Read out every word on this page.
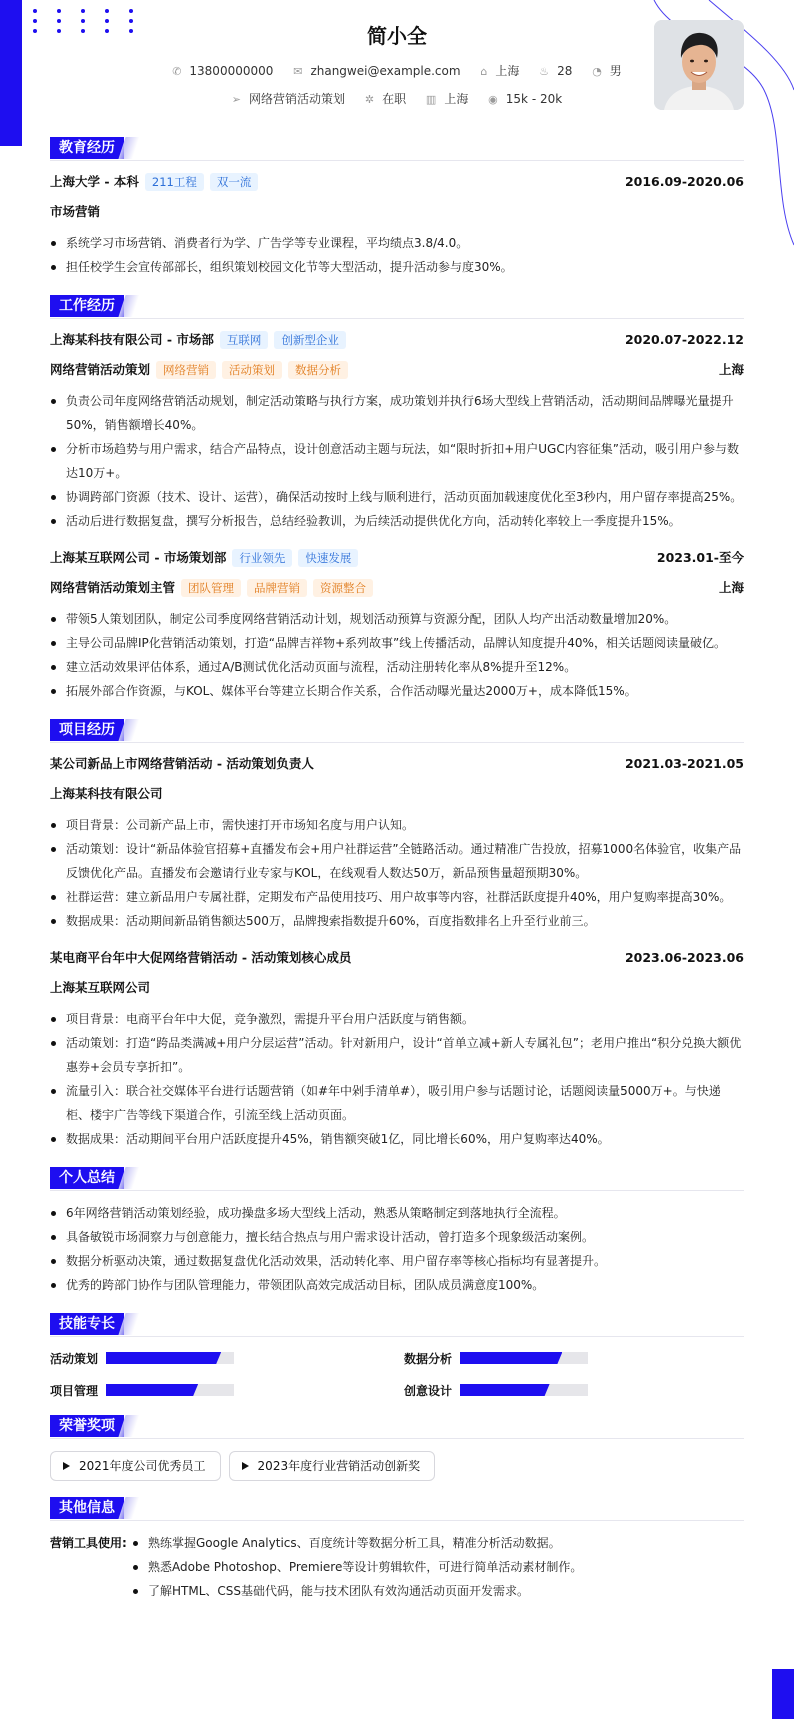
简小全
✆ 13800000000 ✉ zhangwei@example.com ⌂ 上海 ♨ 28 ◔ 男
➢ 网络营销活动策划 ✲ 在职 ▥ 上海 ◉ 15k - 20k
教育经历
上海大学 - 本科 211工程 双一流	2016.09-2020.06
市场营销
系统学习市场营销、消费者行为学、广告学等专业课程，平均绩点3.8/4.0。
担任校学生会宣传部部长，组织策划校园文化节等大型活动，提升活动参与度30%。
工作经历
上海某科技有限公司 - 市场部 互联网 创新型企业	2020.07-2022.12
网络营销活动策划 网络营销 活动策划 数据分析	上海
负责公司年度网络营销活动规划，制定活动策略与执行方案，成功策划并执行6场大型线上营销活动，活动期间品牌曝光量提升50%，销售额增长40%。
分析市场趋势与用户需求，结合产品特点，设计创意活动主题与玩法，如“限时折扣+用户UGC内容征集”活动，吸引用户参与数达10万+。
协调跨部门资源（技术、设计、运营），确保活动按时上线与顺利进行，活动页面加载速度优化至3秒内，用户留存率提高25%。
活动后进行数据复盘，撰写分析报告，总结经验教训，为后续活动提供优化方向，活动转化率较上一季度提升15%。
上海某互联网公司 - 市场策划部 行业领先 快速发展	2023.01-至今
网络营销活动策划主管 团队管理 品牌营销 资源整合	上海
带领5人策划团队，制定公司季度网络营销活动计划，规划活动预算与资源分配，团队人均产出活动数量增加20%。
主导公司品牌IP化营销活动策划，打造“品牌吉祥物+系列故事”线上传播活动，品牌认知度提升40%，相关话题阅读量破亿。
建立活动效果评估体系，通过A/B测试优化活动页面与流程，活动注册转化率从8%提升至12%。
拓展外部合作资源，与KOL、媒体平台等建立长期合作关系，合作活动曝光量达2000万+，成本降低15%。
项目经历
某公司新品上市网络营销活动 - 活动策划负责人	2021.03-2021.05
上海某科技有限公司
项目背景：公司新产品上市，需快速打开市场知名度与用户认知。
活动策划：设计“新品体验官招募+直播发布会+用户社群运营”全链路活动。通过精准广告投放，招募1000名体验官，收集产品反馈优化产品。直播发布会邀请行业专家与KOL，在线观看人数达50万，新品预售量超预期30%。
社群运营：建立新品用户专属社群，定期发布产品使用技巧、用户故事等内容，社群活跃度提升40%，用户复购率提高30%。
数据成果：活动期间新品销售额达500万，品牌搜索指数提升60%，百度指数排名上升至行业前三。
某电商平台年中大促网络营销活动 - 活动策划核心成员	2023.06-2023.06
上海某互联网公司
项目背景：电商平台年中大促，竞争激烈，需提升平台用户活跃度与销售额。
活动策划：打造“跨品类满减+用户分层运营”活动。针对新用户，设计“首单立减+新人专属礼包”；老用户推出“积分兑换大额优惠券+会员专享折扣”。
流量引入：联合社交媒体平台进行话题营销（如#年中剁手清单#），吸引用户参与话题讨论，话题阅读量5000万+。与快递柜、楼宇广告等线下渠道合作，引流至线上活动页面。
数据成果：活动期间平台用户活跃度提升45%，销售额突破1亿，同比增长60%，用户复购率达40%。
个人总结
6年网络营销活动策划经验，成功操盘多场大型线上活动，熟悉从策略制定到落地执行全流程。
具备敏锐市场洞察力与创意能力，擅长结合热点与用户需求设计活动，曾打造多个现象级活动案例。
数据分析驱动决策，通过数据复盘优化活动效果，活动转化率、用户留存率等核心指标均有显著提升。
优秀的跨部门协作与团队管理能力，带领团队高效完成活动目标，团队成员满意度100%。
技能专长
活动策划	数据分析
项目管理	创意设计
荣誉奖项
2021年度公司优秀员工	2023年度行业营销活动创新奖
其他信息
营销工具使用:	熟练掌握Google Analytics、百度统计等数据分析工具，精准分析活动数据。
熟悉Adobe Photoshop、Premiere等设计剪辑软件，可进行简单活动素材制作。
了解HTML、CSS基础代码，能与技术团队有效沟通活动页面开发需求。
